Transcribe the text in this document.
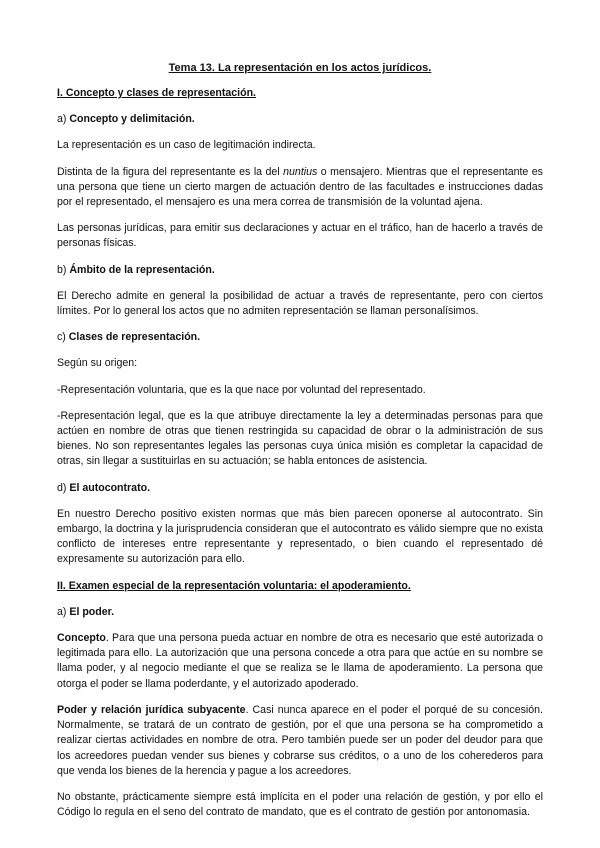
Tema 13. La representación en los actos jurídicos.

I. Concepto y clases de representación.

a) Concepto y delimitación.

La representación es un caso de legitimación indirecta.

Distinta de la figura del representante es la del nuntius o mensajero. Mientras que el representante es una persona que tiene un cierto margen de actuación dentro de las facultades e instrucciones dadas por el representado, el mensajero es una mera correa de transmisión de la voluntad ajena.

Las personas jurídicas, para emitir sus declaraciones y actuar en el tráfico, han de hacerlo a través de personas físicas.

b) Ámbito de la representación.

El Derecho admite en general la posibilidad de actuar a través de representante, pero con ciertos límites. Por lo general los actos que no admiten representación se llaman personalísimos.

c) Clases de representación.

Según su origen:

-Representación voluntaria, que es la que nace por voluntad del representado.

-Representación legal, que es la que atribuye directamente la ley a determinadas personas para que actúen en nombre de otras que tienen restringida su capacidad de obrar o la administración de sus bienes. No son representantes legales las personas cuya única misión es completar la capacidad de otras, sin llegar a sustituirlas en su actuación; se habla entonces de asistencia.

d) El autocontrato.

En nuestro Derecho positivo existen normas que más bien parecen oponerse al autocontrato. Sin embargo, la doctrina y la jurisprudencia consideran que el autocontrato es válido siempre que no exista conflicto de intereses entre representante y representado, o bien cuando el representado dé expresamente su autorización para ello.

II. Examen especial de la representación voluntaria: el apoderamiento.

a) El poder.

Concepto. Para que una persona pueda actuar en nombre de otra es necesario que esté autorizada o legitimada para ello. La autorización que una persona concede a otra para que actúe en su nombre se llama poder, y al negocio mediante el que se realiza se le llama de apoderamiento. La persona que otorga el poder se llama poderdante, y el autorizado apoderado.

Poder y relación jurídica subyacente. Casi nunca aparece en el poder el porqué de su concesión. Normalmente, se tratará de un contrato de gestión, por el que una persona se ha comprometido a realizar ciertas actividades en nombre de otra. Pero también puede ser un poder del deudor para que los acreedores puedan vender sus bienes y cobrarse sus créditos, o a uno de los coherederos para que venda los bienes de la herencia y pague a los acreedores.

No obstante, prácticamente siempre está implícita en el poder una relación de gestión, y por ello el Código lo regula en el seno del contrato de mandato, que es el contrato de gestión por antonomasia.
